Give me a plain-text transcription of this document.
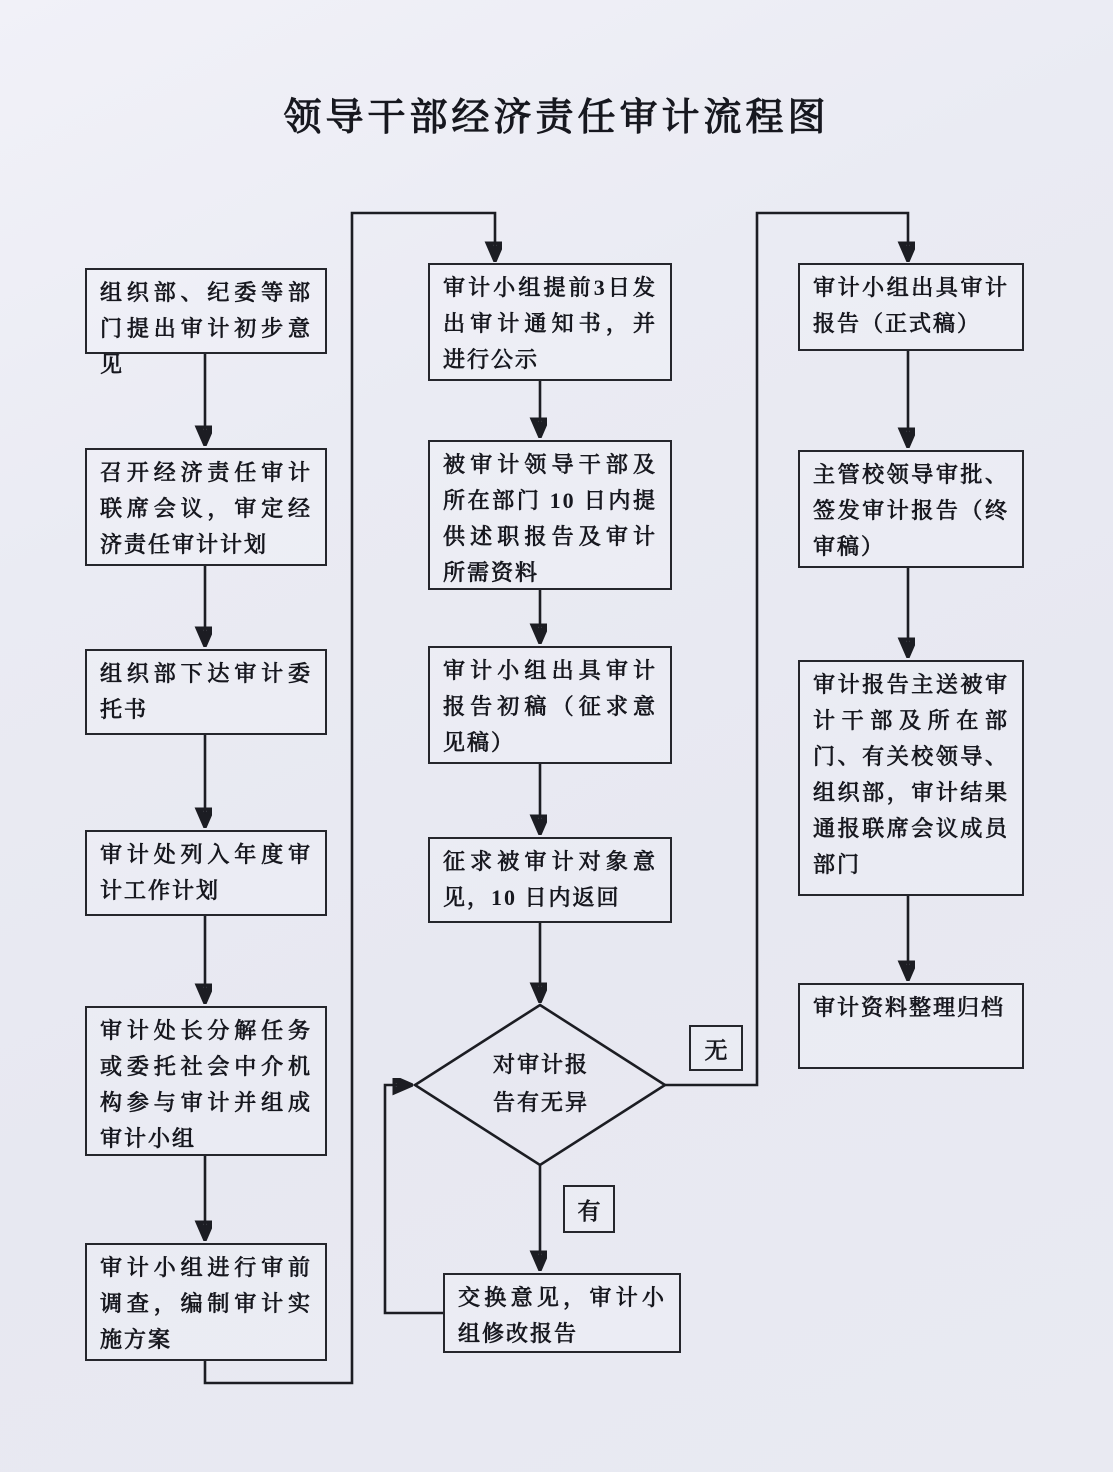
领导干部经济责任审计流程图
组织部、纪委等部门提出审计初步意见
召开经济责任审计联席会议，审定经济责任审计计划
组织部下达审计委托书
审计处列入年度审计工作计划
审计处长分解任务或委托社会中介机构参与审计并组成审计小组
审计小组进行审前调查，编制审计实施方案
审计小组提前3日发出审计通知书，并进行公示
被审计领导干部及所在部门 10 日内提供述职报告及审计所需资料
审计小组出具审计报告初稿（征求意见稿）
征求被审计对象意见，10 日内返回
对审计报告有无异
交换意见，审计小组修改报告
无
有
审计小组出具审计报告（正式稿）
主管校领导审批、签发审计报告（终审稿）
审计报告主送被审计干部及所在部门、有关校领导、组织部，审计结果通报联席会议成员部门
审计资料整理归档
